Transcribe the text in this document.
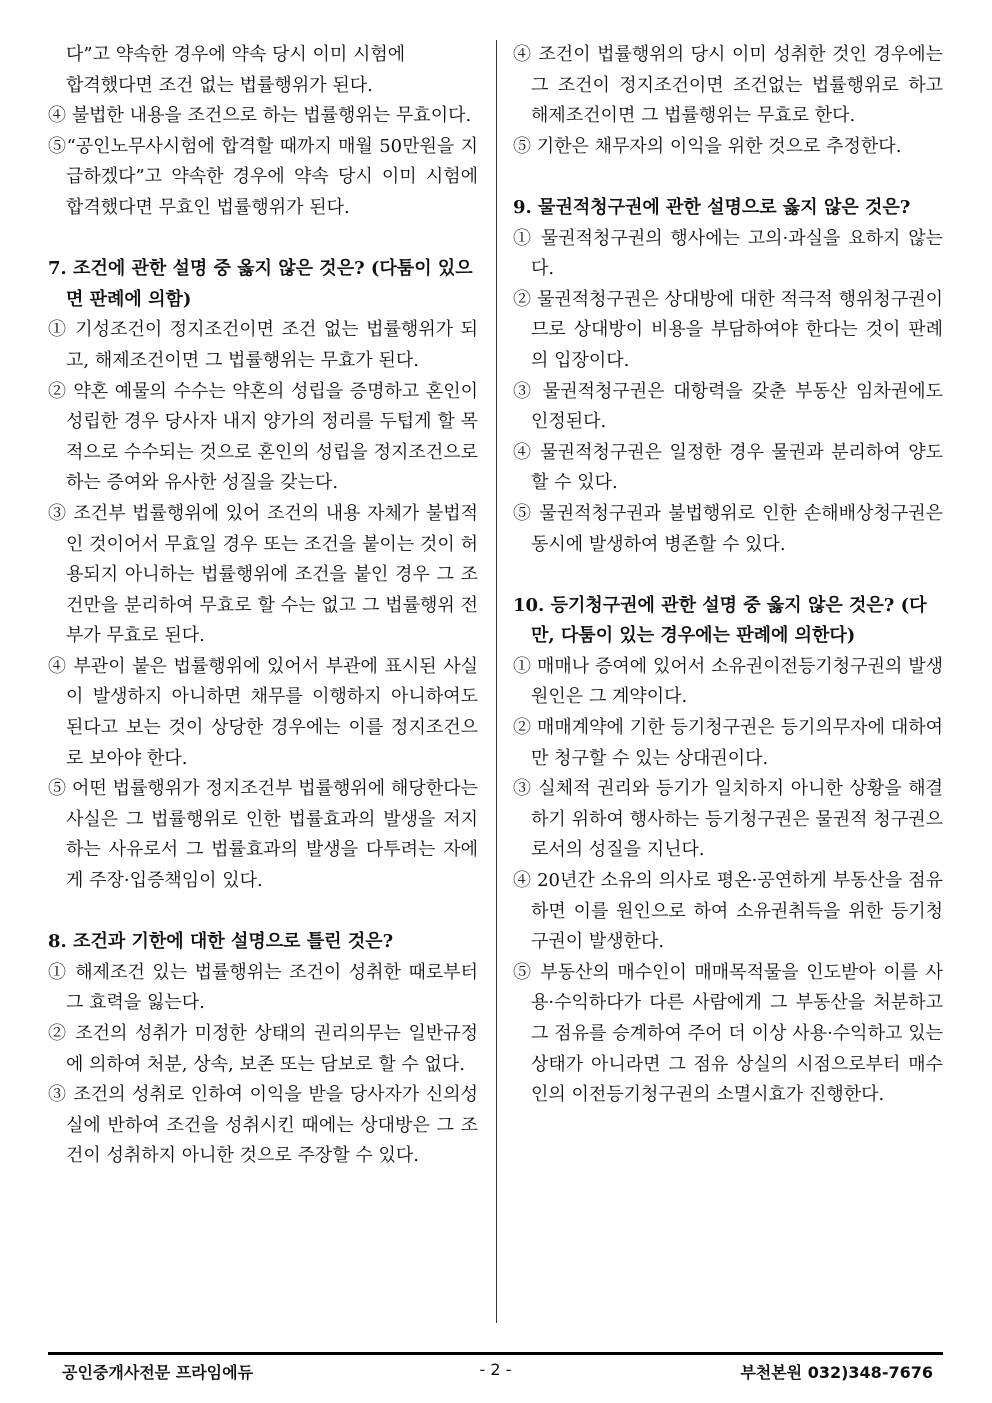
다”고 약속한 경우에 약속 당시 이미 시험에

합격했다면 조건 없는 법률행위가 된다.

④ 불법한 내용을 조건으로 하는 법률행위는 무효이다.

⑤“공인노무사시험에 합격할 때까지 매월 50만원을 지급하겠다”고 약속한 경우에 약속 당시 이미 시험에 합격했다면 무효인 법률행위가 된다.

7. 조건에 관한 설명 중 옳지 않은 것은? (다툼이 있으면 판례에 의함)

① 기성조건이 정지조건이면 조건 없는 법률행위가 되고, 해제조건이면 그 법률행위는 무효가 된다.

② 약혼 예물의 수수는 약혼의 성립을 증명하고 혼인이 성립한 경우 당사자 내지 양가의 정리를 두텁게 할 목적으로 수수되는 것으로 혼인의 성립을 정지조건으로 하는 증여와 유사한 성질을 갖는다.

③ 조건부 법률행위에 있어 조건의 내용 자체가 불법적인 것이어서 무효일 경우 또는 조건을 붙이는 것이 허용되지 아니하는 법률행위에 조건을 붙인 경우 그 조건만을 분리하여 무효로 할 수는 없고 그 법률행위 전부가 무효로 된다.

④ 부관이 붙은 법률행위에 있어서 부관에 표시된 사실이 발생하지 아니하면 채무를 이행하지 아니하여도 된다고 보는 것이 상당한 경우에는 이를 정지조건으로 보아야 한다.

⑤ 어떤 법률행위가 정지조건부 법률행위에 해당한다는 사실은 그 법률행위로 인한 법률효과의 발생을 저지하는 사유로서 그 법률효과의 발생을 다투려는 자에게 주장·입증책임이 있다.

8. 조건과 기한에 대한 설명으로 틀린 것은?

① 해제조건 있는 법률행위는 조건이 성취한 때로부터 그 효력을 잃는다.

② 조건의 성취가 미정한 상태의 권리의무는 일반규정에 의하여 처분, 상속, 보존 또는 담보로 할 수 없다.

③ 조건의 성취로 인하여 이익을 받을 당사자가 신의성실에 반하여 조건을 성취시킨 때에는 상대방은 그 조건이 성취하지 아니한 것으로 주장할 수 있다.

④ 조건이 법률행위의 당시 이미 성취한 것인 경우에는 그 조건이 정지조건이면 조건없는 법률행위로 하고 해제조건이면 그 법률행위는 무효로 한다.

⑤ 기한은 채무자의 이익을 위한 것으로 추정한다.

9. 물권적청구권에 관한 설명으로 옳지 않은 것은?

① 물권적청구권의 행사에는 고의·과실을 요하지 않는다.

② 물권적청구권은 상대방에 대한 적극적 행위청구권이므로 상대방이 비용을 부담하여야 한다는 것이 판례의 입장이다.

③ 물권적청구권은 대항력을 갖춘 부동산 임차권에도 인정된다.

④ 물권적청구권은 일정한 경우 물권과 분리하여 양도할 수 있다.

⑤ 물권적청구권과 불법행위로 인한 손해배상청구권은 동시에 발생하여 병존할 수 있다.

10. 등기청구권에 관한 설명 중 옳지 않은 것은? (다만, 다툼이 있는 경우에는 판례에 의한다)

① 매매나 증여에 있어서 소유권이전등기청구권의 발생원인은 그 계약이다.

② 매매계약에 기한 등기청구권은 등기의무자에 대하여만 청구할 수 있는 상대권이다.

③ 실체적 권리와 등기가 일치하지 아니한 상황을 해결하기 위하여 행사하는 등기청구권은 물권적 청구권으로서의 성질을 지닌다.

④ 20년간 소유의 의사로 평온·공연하게 부동산을 점유하면 이를 원인으로 하여 소유권취득을 위한 등기청구권이 발생한다.

⑤ 부동산의 매수인이 매매목적물을 인도받아 이를 사용·수익하다가 다른 사람에게 그 부동산을 처분하고 그 점유를 승계하여 주어 더 이상 사용·수익하고 있는 상태가 아니라면 그 점유 상실의 시점으로부터 매수인의 이전등기청구권의 소멸시효가 진행한다.

공인중개사전문 프라임에듀	- 2 -	부천본원 032)348-7676
